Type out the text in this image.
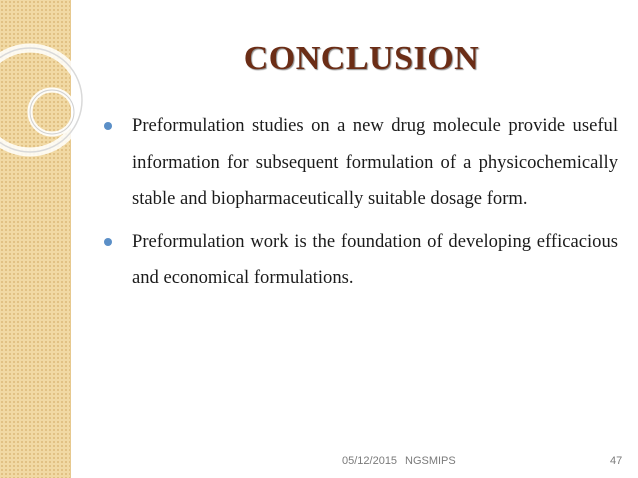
CONCLUSION
Preformulation studies on a new drug molecule provide useful information for subsequent formulation of a physicochemically stable and biopharmaceutically suitable dosage form.
Preformulation work is the foundation of developing efficacious and economical formulations.
05/12/2015 NGSMIPS	47
